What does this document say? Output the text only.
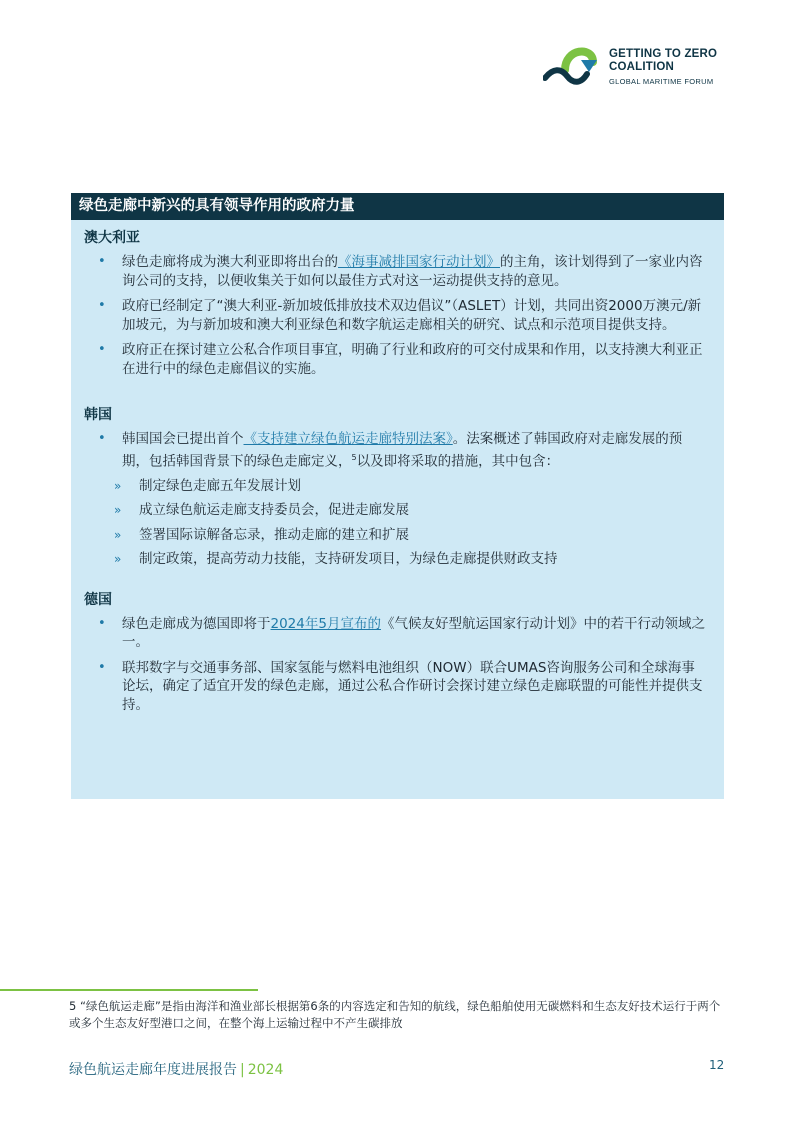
GETTING TO ZERO
COALITION
GLOBAL MARITIME FORUM
绿色走廊中新兴的具有领导作用的政府力量
澳大利亚
• 绿色走廊将成为澳大利亚即将出台的《海事减排国家行动计划》的主角，该计划得到了一家业内咨询公司的支持，以便收集关于如何以最佳方式对这一运动提供支持的意见。
• 政府已经制定了“澳大利亚-新加坡低排放技术双边倡议”（ASLET）计划，共同出资2000万澳元/新加坡元，为与新加坡和澳大利亚绿色和数字航运走廊相关的研究、试点和示范项目提供支持。
• 政府正在探讨建立公私合作项目事宜，明确了行业和政府的可交付成果和作用，以支持澳大利亚正在进行中的绿色走廊倡议的实施。
韩国
• 韩国国会已提出首个《支持建立绿色航运走廊特别法案》。法案概述了韩国政府对走廊发展的预期，包括韩国背景下的绿色走廊定义，$^5$以及即将采取的措施，其中包含：
» 制定绿色走廊五年发展计划
» 成立绿色航运走廊支持委员会，促进走廊发展
» 签署国际谅解备忘录，推动走廊的建立和扩展
» 制定政策，提高劳动力技能，支持研发项目，为绿色走廊提供财政支持
德国
• 绿色走廊成为德国即将于2024年5月宣布的《气候友好型航运国家行动计划》中的若干行动领域之一。
• 联邦数字与交通事务部、国家氢能与燃料电池组织（NOW）联合UMAS咨询服务公司和全球海事论坛，确定了适宜开发的绿色走廊，通过公私合作研讨会探讨建立绿色走廊联盟的可能性并提供支持。
5 “绿色航运走廊”是指由海洋和渔业部长根据第6条的内容选定和告知的航线，绿色船舶使用无碳燃料和生态友好技术运行于两个或多个生态友好型港口之间，在整个海上运输过程中不产生碳排放
绿色航运走廊年度进展报告 | 2024	12
